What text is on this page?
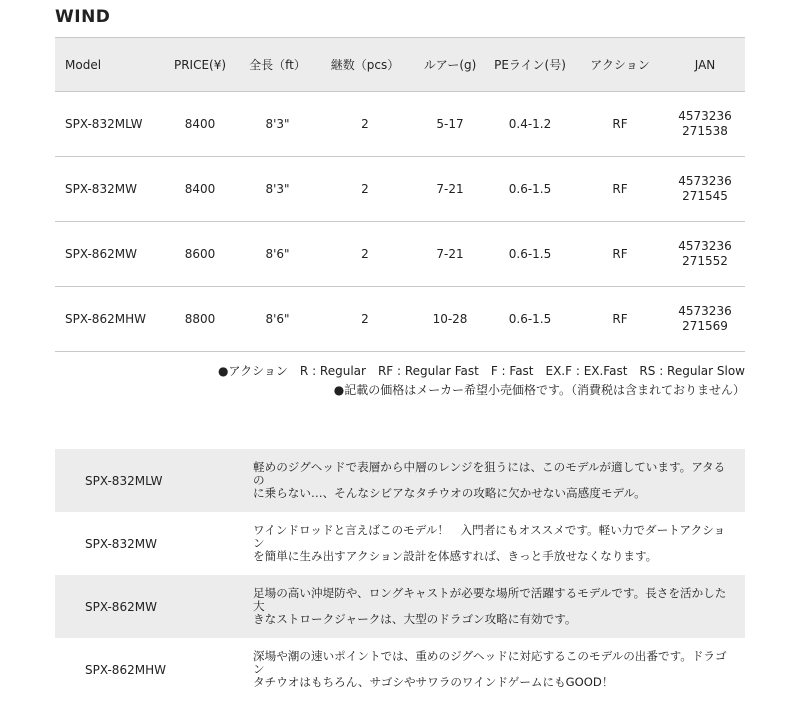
WIND
Model	PRICE(¥)	全長（ft）	継数（pcs）	ルアー(g)	PEライン(号)	アクション	JAN
SPX-832MLW	8400	8'3"	2	5-17	0.4-1.2	RF	4573236
271538

SPX-832MW	8400	8'3"	2	7-21	0.6-1.5	RF	4573236
271545

SPX-862MW	8600	8'6"	2	7-21	0.6-1.5	RF	4573236
271552

SPX-862MHW	8800	8'6"	2	10-28	0.6-1.5	RF	4573236
271569
●アクション　R : Regular　RF : Regular Fast　F : Fast　EX.F : EX.Fast　RS : Regular Slow
●記載の価格はメーカー希望小売価格です。（消費税は含まれておりません）
SPX-832MLW	軽めのジグヘッドで表層から中層のレンジを狙うには、このモデルが適しています。アタるの
に乗らない…、そんなシビアなタチウオの攻略に欠かせない高感度モデル。

SPX-832MW	ワインドロッドと言えばこのモデル！　入門者にもオススメです。軽い力でダートアクション
を簡単に生み出すアクション設計を体感すれば、きっと手放せなくなります。

SPX-862MW	足場の高い沖堤防や、ロングキャストが必要な場所で活躍するモデルです。長さを活かした大
きなストロークジャークは、大型のドラゴン攻略に有効です。

SPX-862MHW	深場や潮の速いポイントでは、重めのジグヘッドに対応するこのモデルの出番です。ドラゴン
タチウオはもちろん、サゴシやサワラのワインドゲームにもGOOD！
